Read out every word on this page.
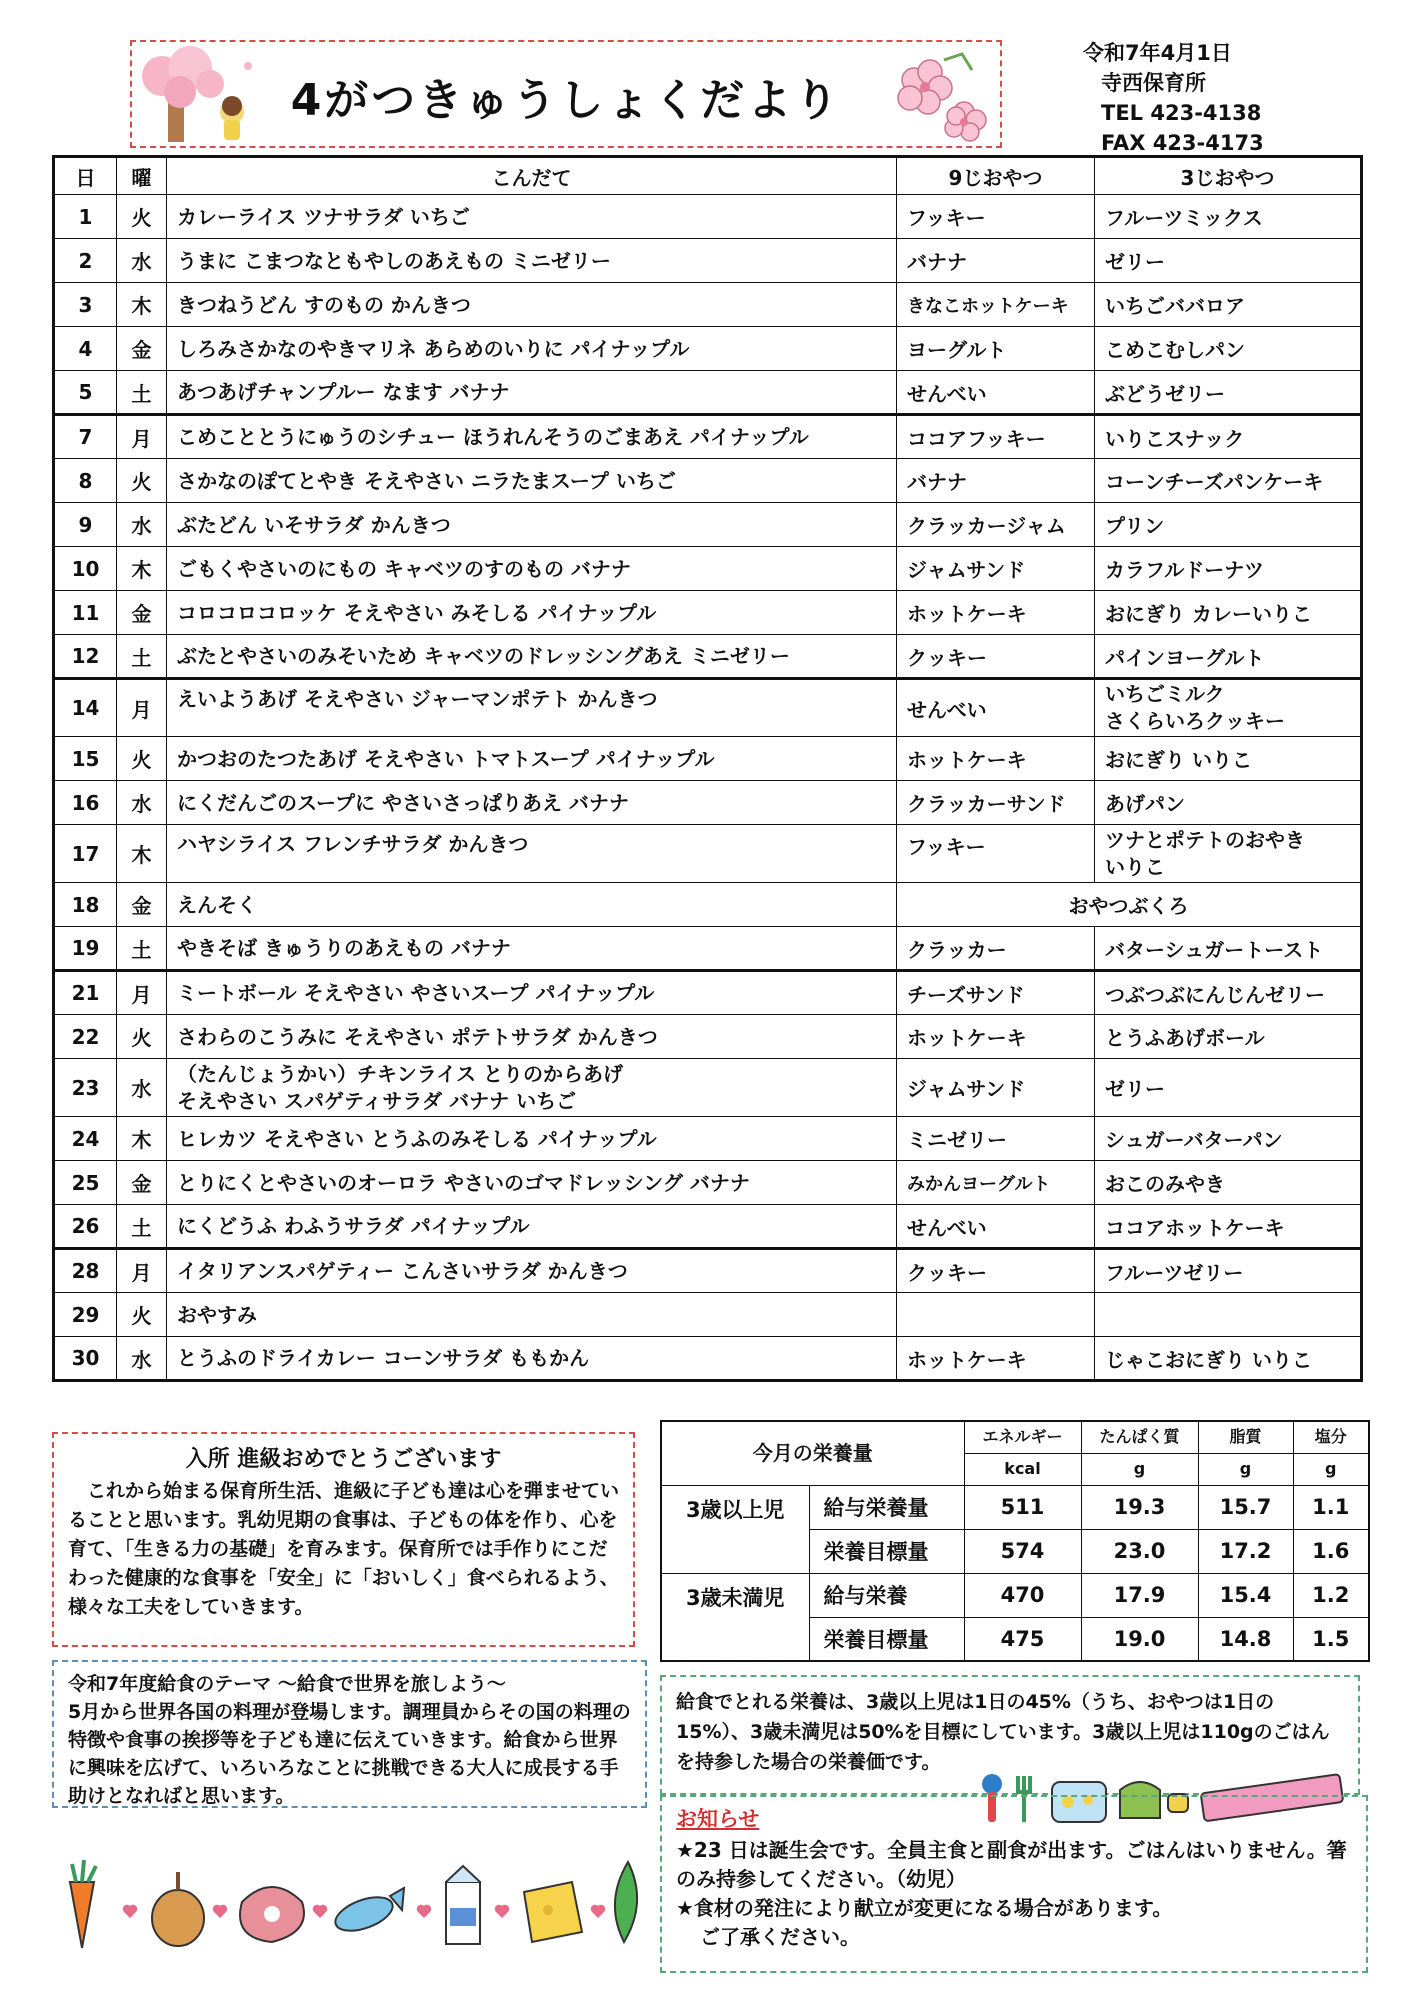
4がつきゅうしょくだより
令和7年4月1日
寺西保育所
TEL 423-4138
FAX 423-4173
日	曜	こんだて	9じおやつ	3じおやつ
1	火	カレーライス ツナサラダ いちご	フッキー	フルーツミックス
2	水	うまに こまつなともやしのあえもの ミニゼリー	バナナ	ゼリー
3	木	きつねうどん すのもの かんきつ	きなこホットケーキ	いちごババロア
4	金	しろみさかなのやきマリネ あらめのいりに パイナップル	ヨーグルト	こめこむしパン
5	土	あつあげチャンプルー なます バナナ	せんべい	ぶどうゼリー
7	月	こめこととうにゅうのシチュー ほうれんそうのごまあえ パイナップル	ココアフッキー	いりこスナック
8	火	さかなのぽてとやき そえやさい ニラたまスープ いちご	バナナ	コーンチーズパンケーキ
9	水	ぶたどん いそサラダ かんきつ	クラッカージャム	プリン
10	木	ごもくやさいのにもの キャベツのすのもの バナナ	ジャムサンド	カラフルドーナツ
11	金	コロコロコロッケ そえやさい みそしる パイナップル	ホットケーキ	おにぎり カレーいりこ
12	土	ぶたとやさいのみそいため キャベツのドレッシングあえ ミニゼリー	クッキー	パインヨーグルト
14	月	えいようあげ そえやさい ジャーマンポテト かんきつ	せんべい	いちごミルク
さくらいろクッキー

15	火	かつおのたつたあげ そえやさい トマトスープ パイナップル	ホットケーキ	おにぎり いりこ
16	水	にくだんごのスープに やさいさっぱりあえ バナナ	クラッカーサンド	あげパン
17	木	ハヤシライス フレンチサラダ かんきつ	フッキー	ツナとポテトのおやき
いりこ

18	金	えんそく	おやつぶくろ	
19	土	やきそば きゅうりのあえもの バナナ	クラッカー	バターシュガートースト
21	月	ミートボール そえやさい やさいスープ パイナップル	チーズサンド	つぶつぶにんじんゼリー
22	火	さわらのこうみに そえやさい ポテトサラダ かんきつ	ホットケーキ	とうふあげボール
23	水	（たんじょうかい）チキンライス とりのからあげ
そえやさい スパゲティサラダ バナナ いちご	ジャムサンド	ゼリー
24	木	ヒレカツ そえやさい とうふのみそしる パイナップル	ミニゼリー	シュガーバターパン
25	金	とりにくとやさいのオーロラ やさいのゴマドレッシング バナナ	みかんヨーグルト	おこのみやき
26	土	にくどうふ わふうサラダ パイナップル	せんべい	ココアホットケーキ
28	月	イタリアンスパゲティー こんさいサラダ かんきつ	クッキー	フルーツゼリー
29	火	おやすみ		
30	水	とうふのドライカレー コーンサラダ ももかん	ホットケーキ	じゃこおにぎり いりこ
入所 進級おめでとうございます

　これから始まる保育所生活、進級に子ども達は心を弾ませていることと思います。乳幼児期の食事は、子どもの体を作り、心を育て、「生きる力の基礎」を育みます。保育所では手作りにこだわった健康的な食事を「安全」に「おいしく」食べられるよう、様々な工夫をしていきます。

今月の栄養量		エネルギー	たんぱく質	脂質	塩分
		kcal	g	g	g
3歳以上児	給与栄養量	511	19.3	15.7	1.1
	栄養目標量	574	23.0	17.2	1.6
3歳未満児	給与栄養	470	17.9	15.4	1.2
	栄養目標量	475	19.0	14.8	1.5

令和7年度給食のテーマ ～給食で世界を旅しよう～

5月から世界各国の料理が登場します。調理員からその国の料理の特徴や食事の挨拶等を子ども達に伝えていきます。給食から世界に興味を広げて、いろいろなことに挑戦できる大人に成長する手助けとなればと思います。

給食でとれる栄養は、3歳以上児は1日の45%（うち、おやつは1日の15%）、3歳未満児は50%を目標にしています。3歳以上児は110gのごはんを持参した場合の栄養価です。
お知らせ

★23 日は誕生会です。全員主食と副食が出ます。ごはんはいりません。箸のみ持参してください。（幼児）

★食材の発注により献立が変更になる場合があります。

ご了承ください。
